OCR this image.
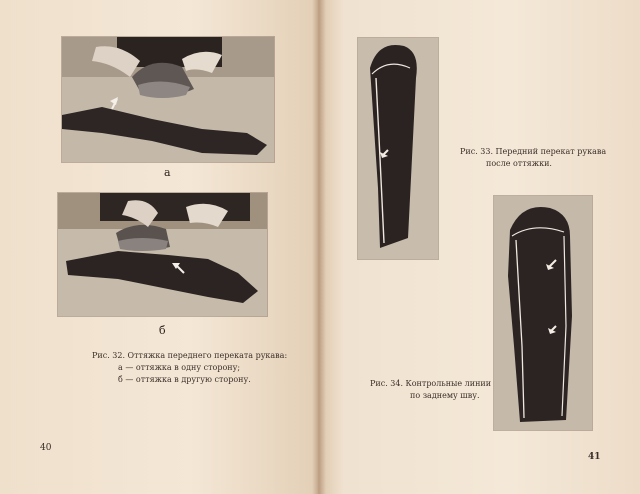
а
б
Рис. 32. Оттяжка переднего переката рукава:
а — оттяжка в одну сторону;
б — оттяжка в другую сторону.
40
Рис. 33. Передний перекат рукава
после оттяжки.
Рис. 34. Контрольные линии
по заднему шву.
41
